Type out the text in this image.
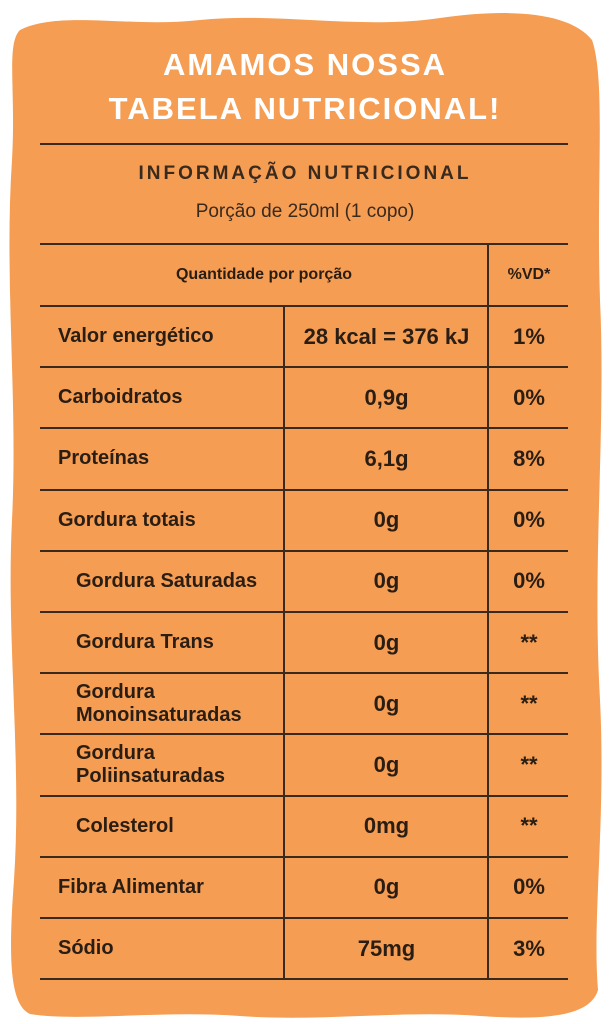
AMAMOS NOSSA
TABELA NUTRICIONAL!
INFORMAÇÃO NUTRICIONAL
Porção de 250ml (1 copo)
Quantidade por porção	%VD*
Valor energético	28 kcal = 376 kJ	1%
Carboidratos	0,9g	0%
Proteínas	6,1g	8%
Gordura totais	0g	0%
Gordura Saturadas	0g	0%
Gordura Trans	0g	**
Gordura
Monoinsaturadas	0g	**
Gordura
Poliinsaturadas	0g	**
Colesterol	0mg	**
Fibra Alimentar	0g	0%
Sódio	75mg	3%
